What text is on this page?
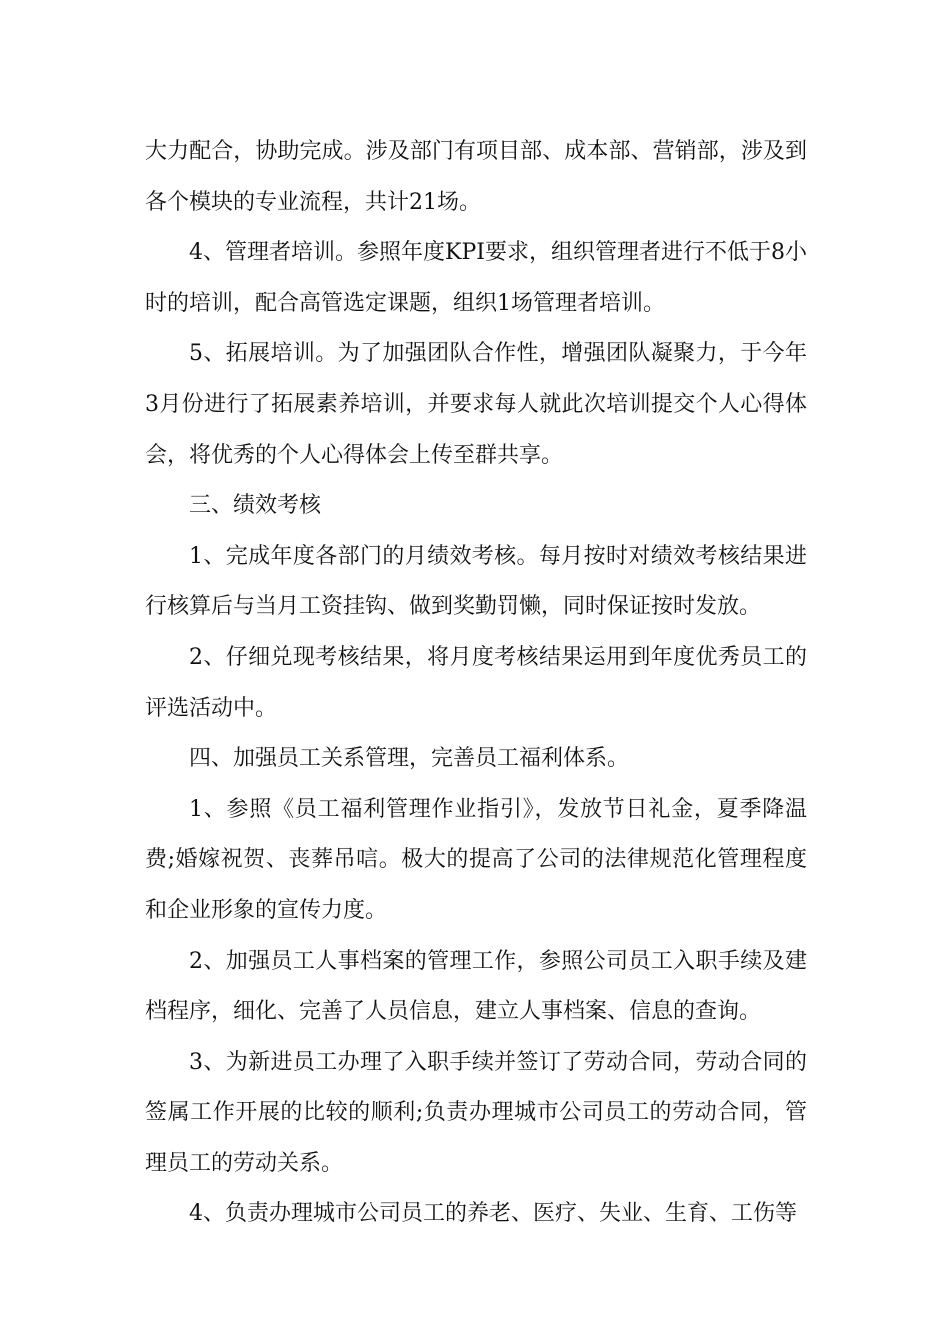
大力配合，协助完成。涉及部门有项目部、成本部、营销部，涉及到各个模块的专业流程，共计21场。

4、管理者培训。参照年度KPI要求，组织管理者进行不低于8小时的培训，配合高管选定课题，组织1场管理者培训。

5、拓展培训。为了加强团队合作性，增强团队凝聚力，于今年3月份进行了拓展素养培训，并要求每人就此次培训提交个人心得体会，将优秀的个人心得体会上传至群共享。

三、绩效考核

1、完成年度各部门的月绩效考核。每月按时对绩效考核结果进行核算后与当月工资挂钩、做到奖勤罚懒，同时保证按时发放。

2、仔细兑现考核结果，将月度考核结果运用到年度优秀员工的评选活动中。

四、加强员工关系管理，完善员工福利体系。

1、参照《员工福利管理作业指引》，发放节日礼金，夏季降温费;婚嫁祝贺、丧葬吊唁。极大的提高了公司的法律规范化管理程度和企业形象的宣传力度。

2、加强员工人事档案的管理工作，参照公司员工入职手续及建档程序，细化、完善了人员信息，建立人事档案、信息的查询。

3、为新进员工办理了入职手续并签订了劳动合同，劳动合同的签属工作开展的比较的顺利;负责办理城市公司员工的劳动合同，管理员工的劳动关系。

4、负责办理城市公司员工的养老、医疗、失业、生育、工伤等
